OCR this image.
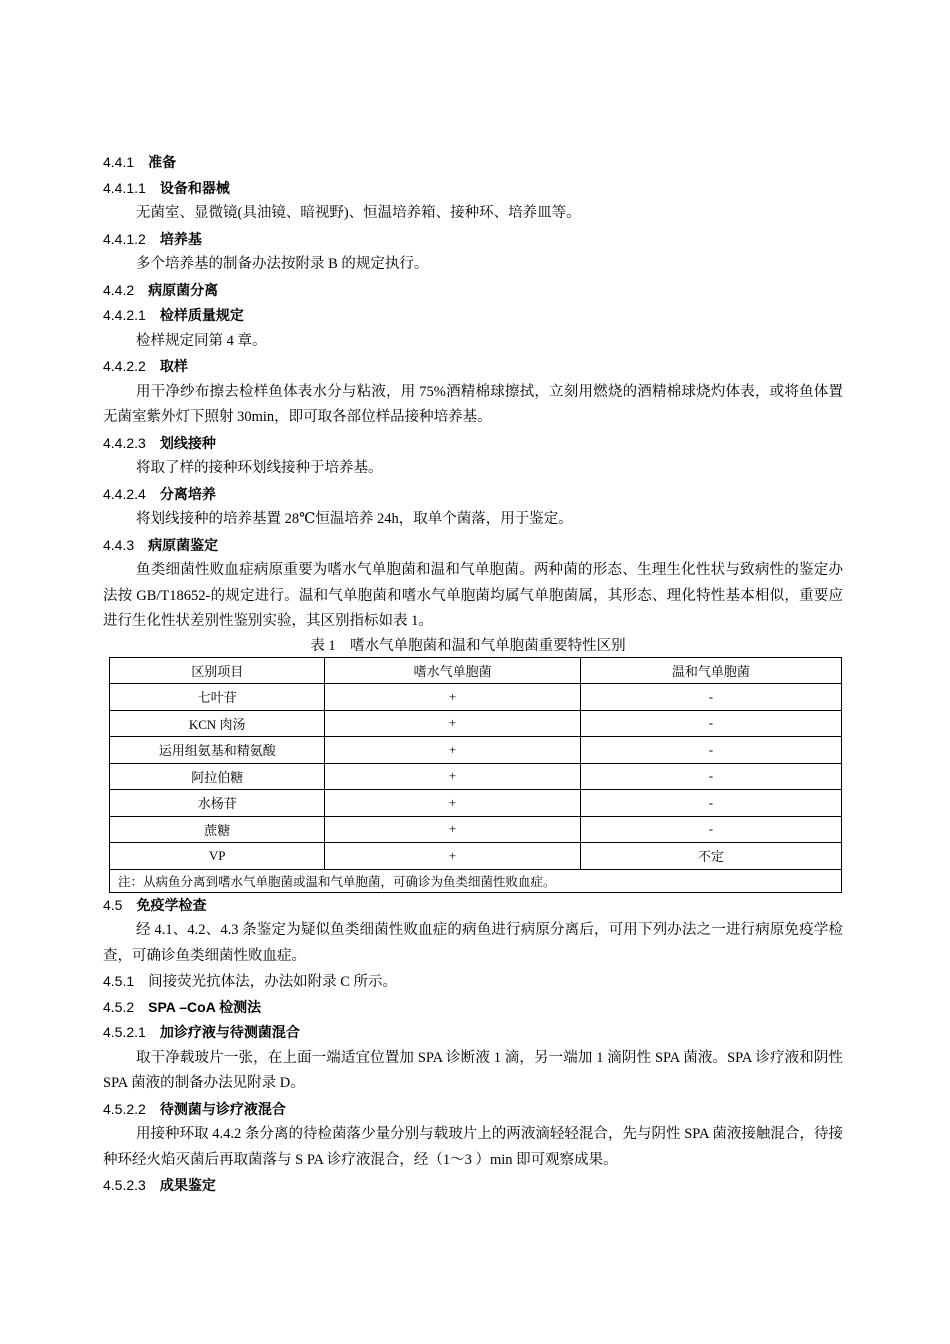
4.4.1 准备
4.4.1.1 设备和器械
无菌室、显微镜(具油镜、暗视野)、恒温培养箱、接种环、培养皿等。
4.4.1.2 培养基
多个培养基的制备办法按附录 B 的规定执行。
4.4.2 病原菌分离
4.4.2.1 检样质量规定
检样规定同第 4 章。
4.4.2.2 取样
用干净纱布擦去检样鱼体表水分与粘液，用 75%酒精棉球擦拭，立刻用燃烧的酒精棉球烧灼体表，或将鱼体置无菌室紫外灯下照射 30min，即可取各部位样品接种培养基。
4.4.2.3 划线接种
将取了样的接种环划线接种于培养基。
4.4.2.4 分离培养
将划线接种的培养基置 28℃恒温培养 24h，取单个菌落，用于鉴定。
4.4.3 病原菌鉴定
鱼类细菌性败血症病原重要为嗜水气单胞菌和温和气单胞菌。两种菌的形态、生理生化性状与致病性的鉴定办法按 GB/T18652-的规定进行。温和气单胞菌和嗜水气单胞菌均属气单胞菌属，其形态、理化特性基本相似，重要应进行生化性状差别性鉴别实验，其区别指标如表 1。
表 1　嗜水气单胞菌和温和气单胞菌重要特性区别
区别项目	嗜水气单胞菌	温和气单胞菌
七叶苷	+	-
KCN 肉汤	+	-
运用组氨基和精氨酸	+	-
阿拉伯糖	+	-
水杨苷	+	-
蔗糖	+	-
VP	+	不定
注：从病鱼分离到嗜水气单胞菌或温和气单胞菌，可确诊为鱼类细菌性败血症。		
4.5 免疫学检查
经 4.1、4.2、4.3 条鉴定为疑似鱼类细菌性败血症的病鱼进行病原分离后，可用下列办法之一进行病原免疫学检查，可确诊鱼类细菌性败血症。
4.5.1 间接荧光抗体法，办法如附录 C 所示。
4.5.2 SPA –CoA 检测法
4.5.2.1 加诊疗液与待测菌混合
取干净载玻片一张，在上面一端适宜位置加 SPA 诊断液 1 滴，另一端加 1 滴阴性 SPA 菌液。SPA 诊疗液和阴性 SPA 菌液的制备办法见附录 D。
4.5.2.2 待测菌与诊疗液混合
用接种环取 4.4.2 条分离的待检菌落少量分别与载玻片上的两液滴轻轻混合，先与阴性 SPA 菌液接触混合，待接种环经火焰灭菌后再取菌落与 S PA 诊疗液混合，经（1～3 ）min 即可观察成果。
4.5.2.3 成果鉴定
